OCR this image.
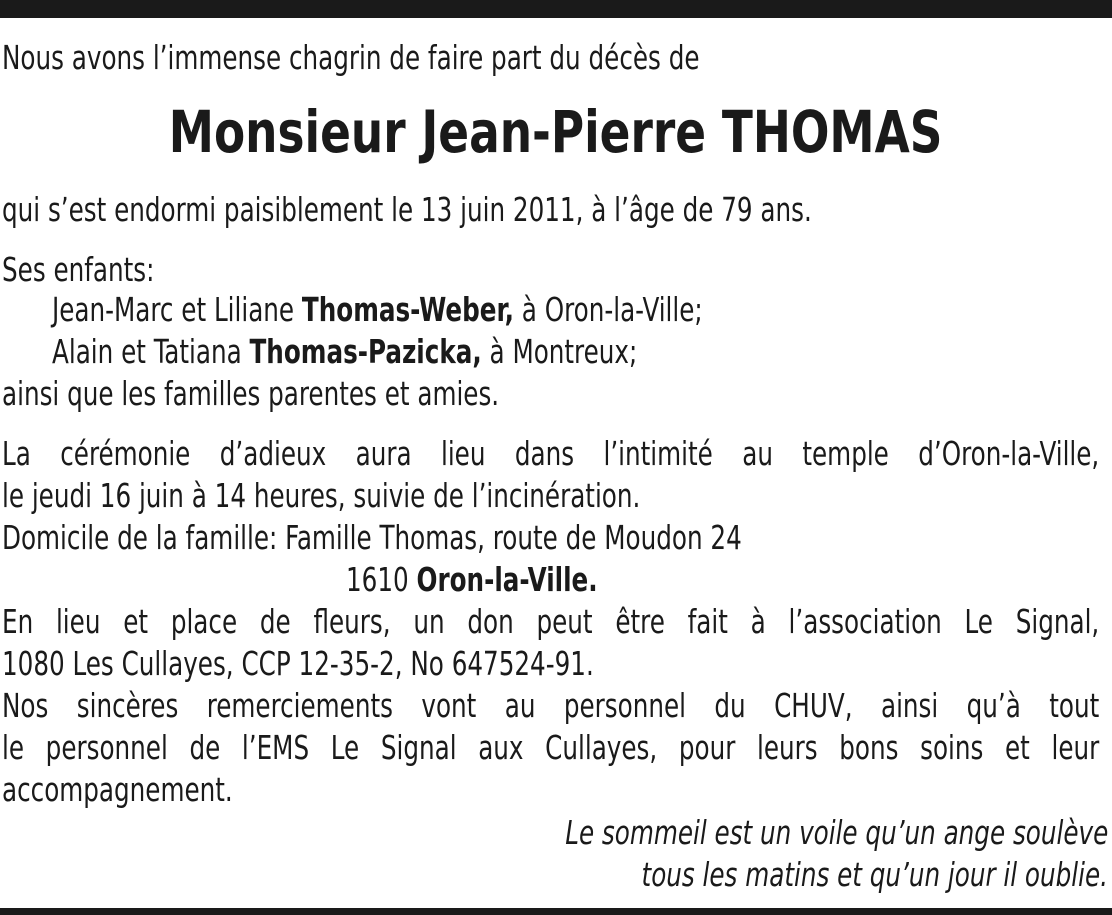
Nous avons l’immense chagrin de faire part du décès de
Monsieur Jean-Pierre THOMAS
qui s’est endormi paisiblement le 13 juin 2011, à l’âge de 79 ans.
Ses enfants:
Jean-Marc et Liliane Thomas-Weber, à Oron-la-Ville;
Alain et Tatiana Thomas-Pazicka, à Montreux;
ainsi que les familles parentes et amies.
La cérémonie d’adieux aura lieu dans l’intimité au temple d’Oron-la-Ville,
le jeudi 16 juin à 14 heures, suivie de l’incinération.
Domicile de la famille: Famille Thomas, route de Moudon 24
1610 Oron-la-Ville.
En lieu et place de fleurs, un don peut être fait à l’association Le Signal,
1080 Les Cullayes, CCP 12-35-2, No 647524-91.
Nos sincères remerciements vont au personnel du CHUV, ainsi qu’à tout
le personnel de l’EMS Le Signal aux Cullayes, pour leurs bons soins et leur
accompagnement.
Le sommeil est un voile qu’un ange soulève
tous les matins et qu’un jour il oublie.
